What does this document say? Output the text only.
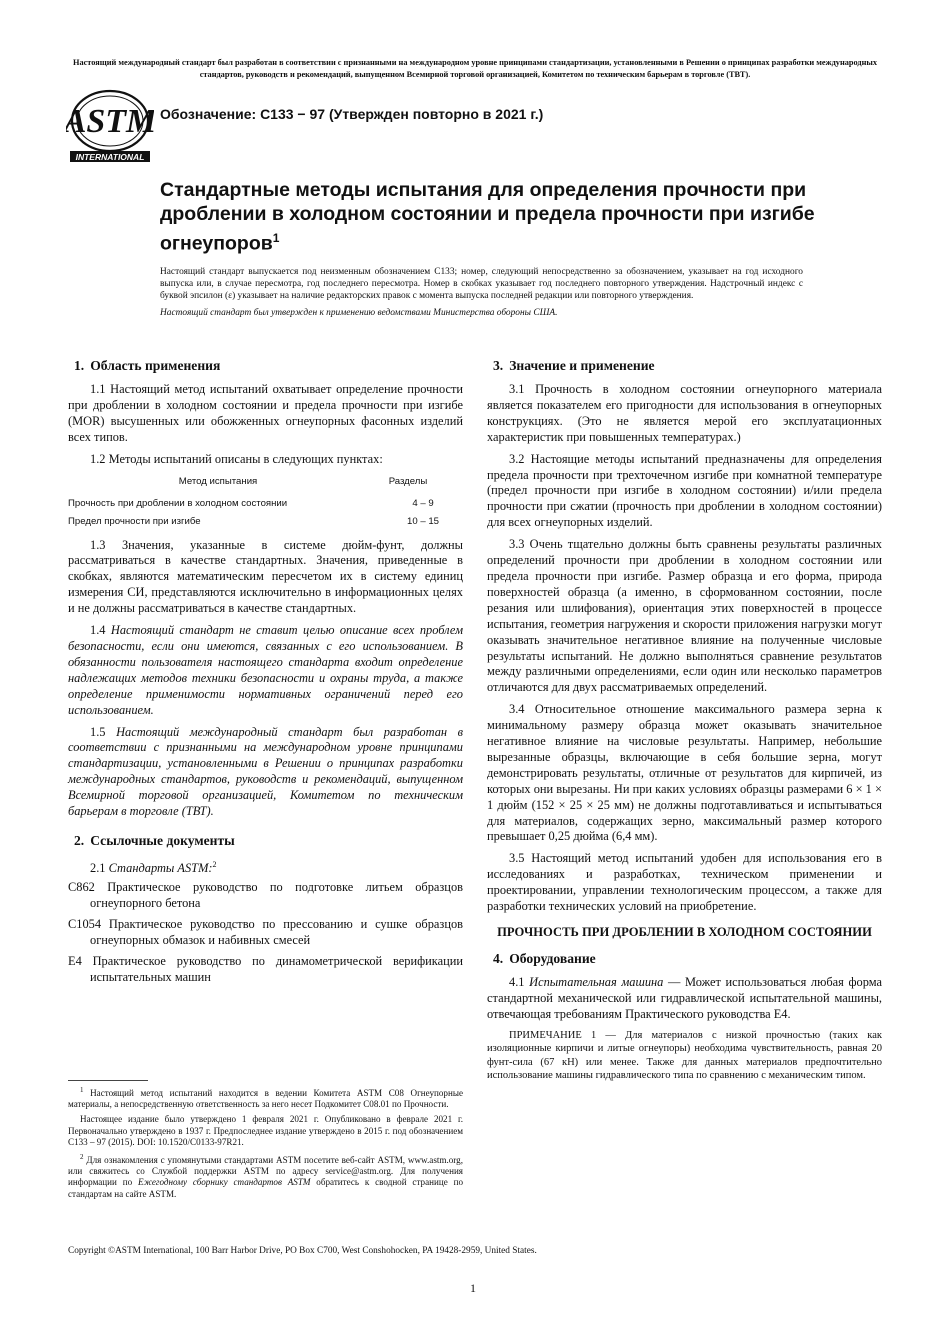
Настоящий международный стандарт был разработан в соответствии с признанными на международном уровне принципами стандартизации, установленными в Решении о принципах разработки международных стандартов, руководств и рекомендаций, выпущенном Всемирной торговой организацией, Комитетом по техническим барьерам в торговле (ТВТ).
ASTM
INTERNATIONAL
Обозначение: C133 − 97 (Утвержден повторно в 2021 г.)
Стандартные методы испытания для определения прочности при дроблении в холодном состоянии и предела прочности при изгибе огнеупоров$^1$

Настоящий стандарт выпускается под неизменным обозначением C133; номер, следующий непосредственно за обозначением, указывает на год исходного выпуска или, в случае пересмотра, год последнего пересмотра. Номер в скобках указывает год последнего повторного утверждения. Надстрочный индекс с буквой эпсилон (ε) указывает на наличие редакторских правок с момента выпуска последней редакции или повторного утверждения.

Настоящий стандарт был утвержден к применению ведомствами Министерства обороны США.

1. Область применения

1.1 Настоящий метод испытаний охватывает определение прочности при дроблении в холодном состоянии и предела прочности при изгибе (MOR) высушенных или обожженных огнеупорных фасонных изделий всех типов.

1.2 Методы испытаний описаны в следующих пунктах:

Метод испытания	Разделы
Прочность при дроблении в холодном состоянии	4 – 9
Предел прочности при изгибе	10 – 15

1.3 Значения, указанные в системе дюйм-фунт, должны рассматриваться в качестве стандартных. Значения, приведенные в скобках, являются математическим пересчетом их в систему единиц измерения СИ, представляются исключительно в информационных целях и не должны рассматриваться в качестве стандартных.

1.4 Настоящий стандарт не ставит целью описание всех проблем безопасности, если они имеются, связанных с его использованием. В обязанности пользователя настоящего стандарта входит определение надлежащих методов техники безопасности и охраны труда, а также определение применимости нормативных ограничений перед его использованием.

1.5 Настоящий международный стандарт был разработан в соответствии с признанными на международном уровне принципами стандартизации, установленными в Решении о принципах разработки международных стандартов, руководств и рекомендаций, выпущенном Всемирной торговой организацией, Комитетом по техническим барьерам в торговле (ТВТ).

2. Ссылочные документы

2.1 Стандарты ASTM:$^2$

C862 Практическое руководство по подготовке литьем образцов огнеупорного бетона

C1054 Практическое руководство по прессованию и сушке образцов огнеупорных обмазок и набивных смесей

E4 Практическое руководство по динамометрической верификации испытательных машин

$^1$ Настоящий метод испытаний находится в ведении Комитета ASTM C08 Огнеупорные материалы, а непосредственную ответственность за него несет Подкомитет C08.01 по Прочности.

Настоящее издание было утверждено 1 февраля 2021 г. Опубликовано в феврале 2021 г. Первоначально утверждено в 1937 г. Предпоследнее издание утверждено в 2015 г. под обозначением C133 – 97 (2015). DOI: 10.1520/C0133-97R21.

$^2$ Для ознакомления с упомянутыми стандартами ASTM посетите веб-сайт ASTM, www.astm.org, или свяжитесь со Службой поддержки ASTM по адресу service@astm.org. Для получения информации по Ежегодному сборнику стандартов ASTM обратитесь к сводной странице по стандартам на сайте ASTM.

3. Значение и применение

3.1 Прочность в холодном состоянии огнеупорного материала является показателем его пригодности для использования в огнеупорных конструкциях. (Это не является мерой его эксплуатационных характеристик при повышенных температурах.)

3.2 Настоящие методы испытаний предназначены для определения предела прочности при трехточечном изгибе при комнатной температуре (предел прочности при изгибе в холодном состоянии) и/или предела прочности при сжатии (прочность при дроблении в холодном состоянии) для всех огнеупорных изделий.

3.3 Очень тщательно должны быть сравнены результаты различных определений прочности при дроблении в холодном состоянии или предела прочности при изгибе. Размер образца и его форма, природа поверхностей образца (а именно, в сформованном состоянии, после резания или шлифования), ориентация этих поверхностей в процессе испытания, геометрия нагружения и скорости приложения нагрузки могут оказывать значительное негативное влияние на полученные числовые результаты испытаний. Не должно выполняться сравнение результатов между различными определениями, если один или несколько параметров отличаются для двух рассматриваемых определений.

3.4 Относительное отношение максимального размера зерна к минимальному размеру образца может оказывать значительное негативное влияние на числовые результаты. Например, небольшие вырезанные образцы, включающие в себя большие зерна, могут демонстрировать результаты, отличные от результатов для кирпичей, из которых они вырезаны. Ни при каких условиях образцы размерами 6 × 1 × 1 дюйм (152 × 25 × 25 мм) не должны подготавливаться и испытываться для материалов, содержащих зерно, максимальный размер которого превышает 0,25 дюйма (6,4 мм).

3.5 Настоящий метод испытаний удобен для использования его в исследованиях и разработках, техническом применении и проектировании, управлении технологическим процессом, а также для разработки технических условий на приобретение.

ПРОЧНОСТЬ ПРИ ДРОБЛЕНИИ В ХОЛОДНОМ СОСТОЯНИИ
4. Оборудование

4.1 Испытательная машина — Может использоваться любая форма стандартной механической или гидравлической испытательной машины, отвечающая требованиям Практического руководства E4.

ПРИМЕЧАНИЕ 1 — Для материалов с низкой прочностью (таких как изоляционные кирпичи и литые огнеупоры) необходима чувствительность, равная 20 фунт-сила (67 кН) или менее. Также для данных материалов предпочтительно использование машины гидравлического типа по сравнению с механическим типом.

Copyright ©ASTM International, 100 Barr Harbor Drive, PO Box C700, West Conshohocken, PA 19428-2959, United States.
1
